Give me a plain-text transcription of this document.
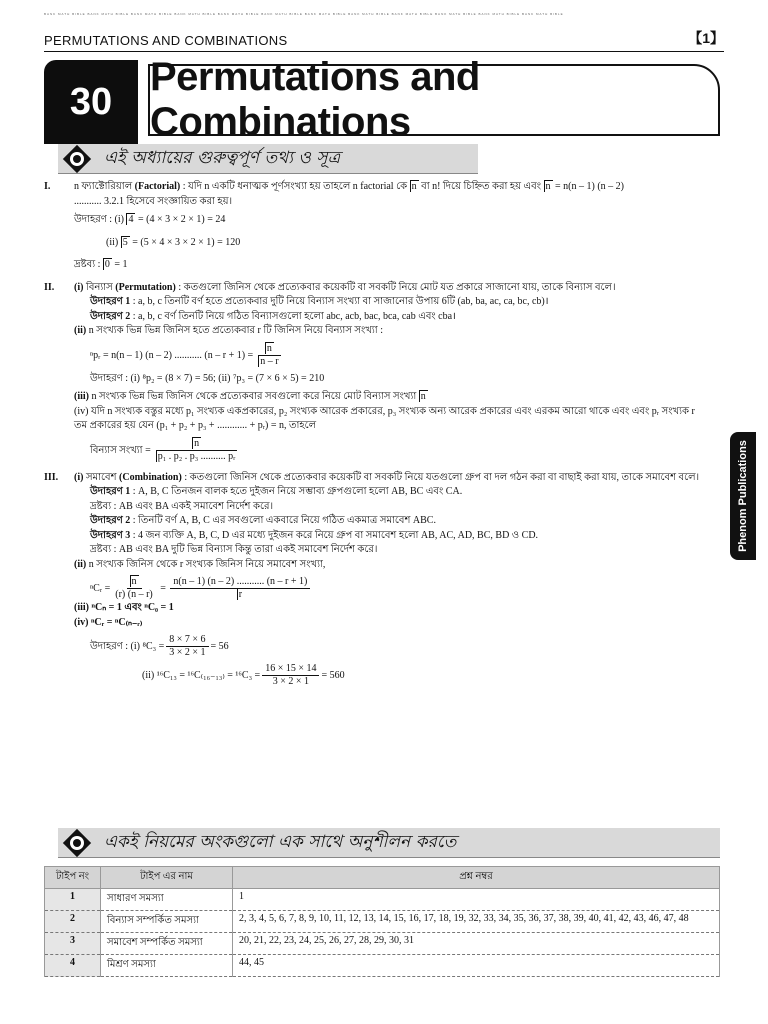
BANK MATH BIBLE BANK MATH BIBLE BANK MATH BIBLE BANK MATH BIBLE BANK MATH BIBLE BANK MATH BIBLE BANK MATH BIBLE BANK MATH BIBLE BANK MATH BIBLE BANK MATH BIBLE BANK MATH BIBLE BANK MATH BIBLE
PERMUTATIONS AND COMBINATIONS	【1】
30
Permutations and Combinations
এই অধ্যায়ের গুরুত্বপূর্ণ তথ্য ও সূত্র
I. n ফ্যাক্টোরিয়াল (Factorial) : যদি n একটি ধনাত্মক পূর্ণসংখ্যা হয় তাহলে n factorial কে n বা n! দিয়ে চিহ্নিত করা হয় এবং n = n(n – 1) (n – 2)
........... 3.2.1 হিসেবে সংজ্ঞায়িত করা হয়।
উদাহরণ : (i) 4 = (4 × 3 × 2 × 1) = 24
(ii) 5 = (5 × 4 × 3 × 2 × 1) = 120
দ্রষ্টব্য : 0 = 1
II. (i) বিন্যাস (Permutation) : কতগুলো জিনিস থেকে প্রত্যেকবার কয়েকটি বা সবকটি নিয়ে মোট যত প্রকারে সাজানো যায়, তাকে বিন্যাস বলে।
উদাহরণ 1 : a, b, c তিনটি বর্ণ হতে প্রত্যেকবার দুটি নিয়ে বিন্যাস সংখ্যা বা সাজানোর উপায় 6টি (ab, ba, ac, ca, bc, cb)।
উদাহরণ 2 : a, b, c বর্ণ তিনটি নিয়ে গঠিত বিন্যাসগুলো হলো abc, acb, bac, bca, cab এবং cba।
(ii) n সংখ্যক ভিন্ন ভিন্ন জিনিস হতে প্রত্যেকবার r টি জিনিস নিয়ে বিন্যাস সংখ্যা :
ⁿpᵣ = n(n – 1) (n – 2) ........... $(n - r + 1) = \frac{n}{n - r}$
উদাহরণ : (i) ⁸p₂ = (8 × 7) = 56; (ii) ⁷p₃ = (7 × 6 × 5) = 210
(iii) n সংখ্যক ভিন্ন ভিন্ন জিনিস থেকে প্রত্যেকবার সবগুলো করে নিয়ে মোট বিন্যাস সংখ্যা n
(iv) যদি n সংখ্যক বস্তুর মধ্যে p₁ সংখ্যক একপ্রকারের, p₂ সংখ্যক আরেক প্রকারের, p₃ সংখ্যক অন্য আরেক প্রকারের এবং এরকম আরো থাকে এবং এবং pᵣ সংখ্যক r তম প্রকারের হয় যেন (p₁ + p₂ + p₃ + ............ + pᵣ) = n, তাহলে
বিন্যাস সংখ্যা = $\frac{n}{\text{p₁ . p₂ . p₃ .......... pᵣ}}$
III. (i) সমাবেশ (Combination) : কতগুলো জিনিস থেকে প্রত্যেকবার কয়েকটি বা সবকটি নিয়ে যতগুলো গ্রুপ বা দল গঠন করা বা বাছাই করা যায়, তাকে সমাবেশ বলে।
উদাহরণ 1 : A, B, C তিনজন বালক হতে দুইজন নিয়ে সম্ভাব্য গ্রুপগুলো হলো AB, BC এবং CA.
দ্রষ্টব্য : AB এবং BA একই সমাবেশ নির্দেশ করে।
উদাহরণ 2 : তিনটি বর্ণ A, B, C এর সবগুলো একবারে নিয়ে গঠিত একমাত্র সমাবেশ ABC.
উদাহরণ 3 : 4 জন ব্যক্তি A, B, C, D এর মধ্যে দুইজন করে নিয়ে গ্রুপ বা সমাবেশ হলো AB, AC, AD, BC, BD ও CD.
দ্রষ্টব্য : AB এবং BA দুটি ভিন্ন বিন্যাস কিন্তু তারা একই সমাবেশ নির্দেশ করে।
(ii) n সংখ্যক জিনিস থেকে r সংখ্যক জিনিস নিয়ে সমাবেশ সংখ্যা,
ⁿCᵣ = $\frac{n}{(r) (n - r)} = \frac{n(n - 1) (n - 2) ........... (n - r + 1)}{r}$
(iii) ⁿCₙ = 1 এবং ⁿC₀ = 1
(iv) ⁿCᵣ = ⁿC₍ₙ₋ᵣ₎
উদাহরণ : (i) $^8C_3 = \frac{8 \times 7 \times 6}{3 \times 2 \times 1} = 56$
(ii) $^{16}C_{13} = ^{16}C_{(16-13)} = ^{16}C_3 = \frac{16 \times 15 \times 14}{3 \times 2 \times 1} = 560$
Phenom Publications
একই নিয়মের অংকগুলো এক সাথে অনুশীলন করতে
টাইপ নং	টাইপ এর নাম	প্রশ্ন নম্বর
1	সাধারণ সমস্যা	1
2	বিন্যাস সম্পর্কিত সমস্যা	2, 3, 4, 5, 6, 7, 8, 9, 10, 11, 12, 13, 14, 15, 16, 17, 18, 19, 32, 33, 34, 35, 36, 37, 38, 39, 40, 41, 42, 43, 46, 47, 48
3	সমাবেশ সম্পর্কিত সমস্যা	20, 21, 22, 23, 24, 25, 26, 27, 28, 29, 30, 31
4	মিশ্রণ সমস্যা	44, 45
